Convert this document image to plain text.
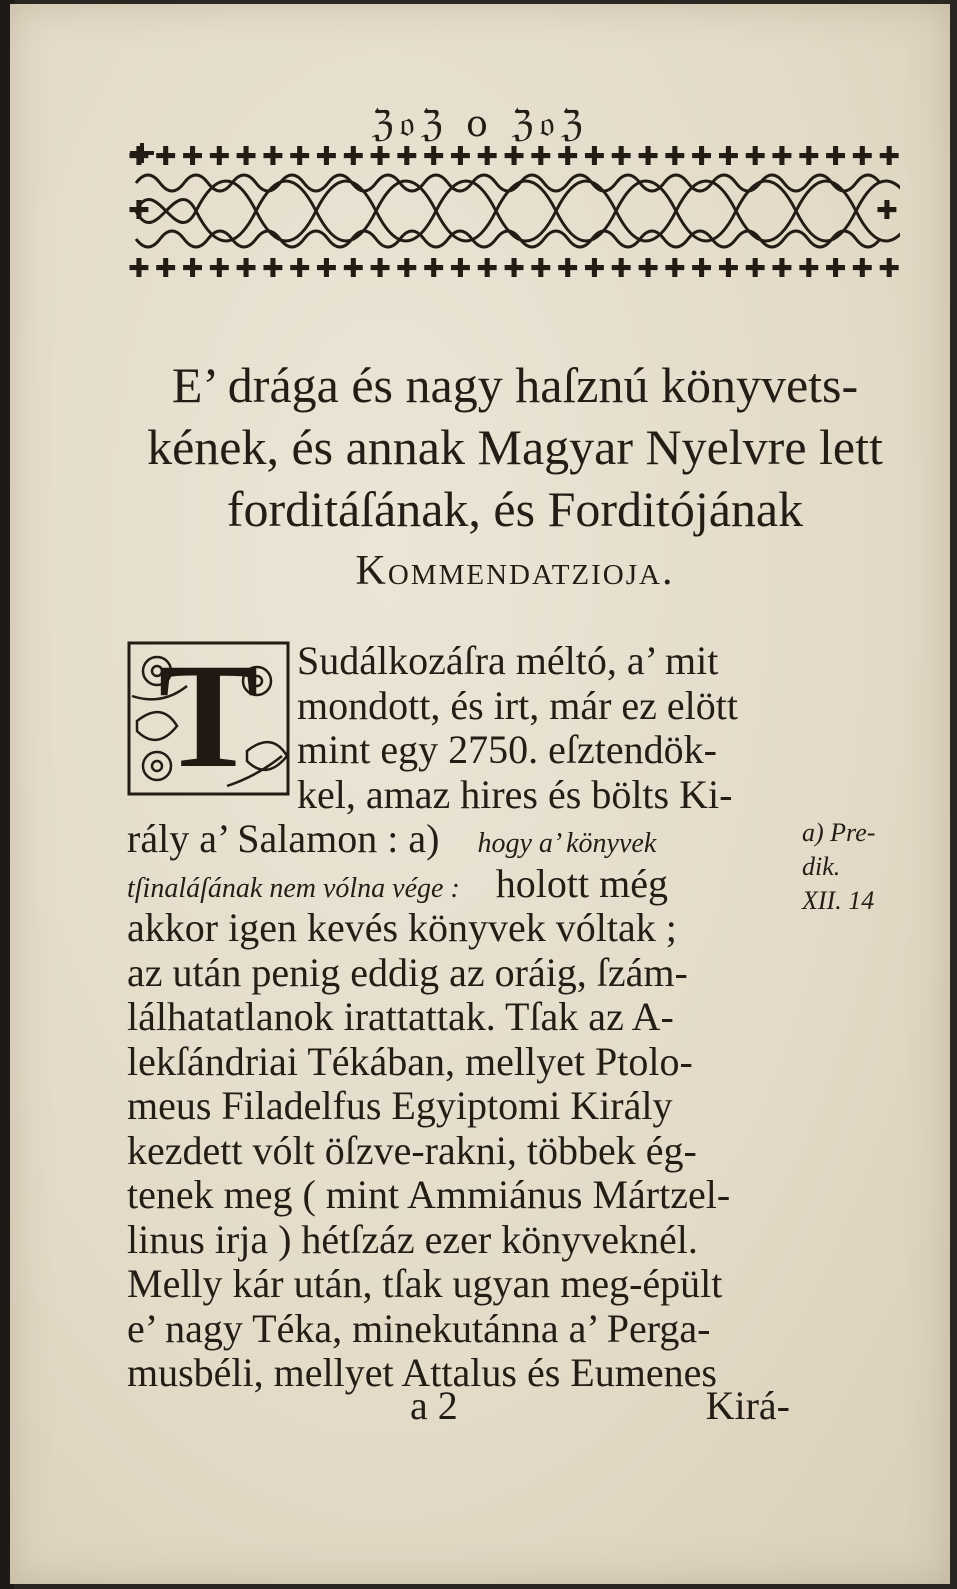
ℨ𝔬ℨ o ℨ𝔬ℨ
✚✚✚✚✚✚✚✚✚✚✚✚✚✚✚✚✚✚✚✚✚✚✚✚✚✚✚✚✚
✚✚✚✚✚✚✚✚✚✚✚✚✚✚✚✚✚✚✚✚✚✚✚✚✚✚✚✚✚
✚	✚
E’ drága és nagy haſznú könyvets-
kének, és annak Magyar Nyelvre lett
forditáſának, és Forditójának
Kommendatzioja.
T Sudálkozáſra méltó, a’ mit
mondott, és irt, már ez elött
mint egy 2750. eſztendök-
kel, amaz hires és bölts Ki-
rály a’ Salamon : a) hogy a’ könyvek
tſinaláſának nem vólna vége : holott még
akkor igen kevés könyvek vóltak ;
az után penig eddig az oráig, ſzám-
lálhatatlanok irattattak. Tſak az A-
lekſándriai Tékában, mellyet Ptolo-
meus Filadelfus Egyiptomi Király
kezdett vólt öſzve-rakni, többek ég-
tenek meg ( mint Ammiánus Mártzel-
linus irja ) hétſzáz ezer könyveknél.
Melly kár után, tſak ugyan meg-épült
e’ nagy Téka, minekutánna a’ Perga-
musbéli, mellyet Attalus és Eumenes
a) Pre-
dik.
XII. 14
a 2	Kirá-
